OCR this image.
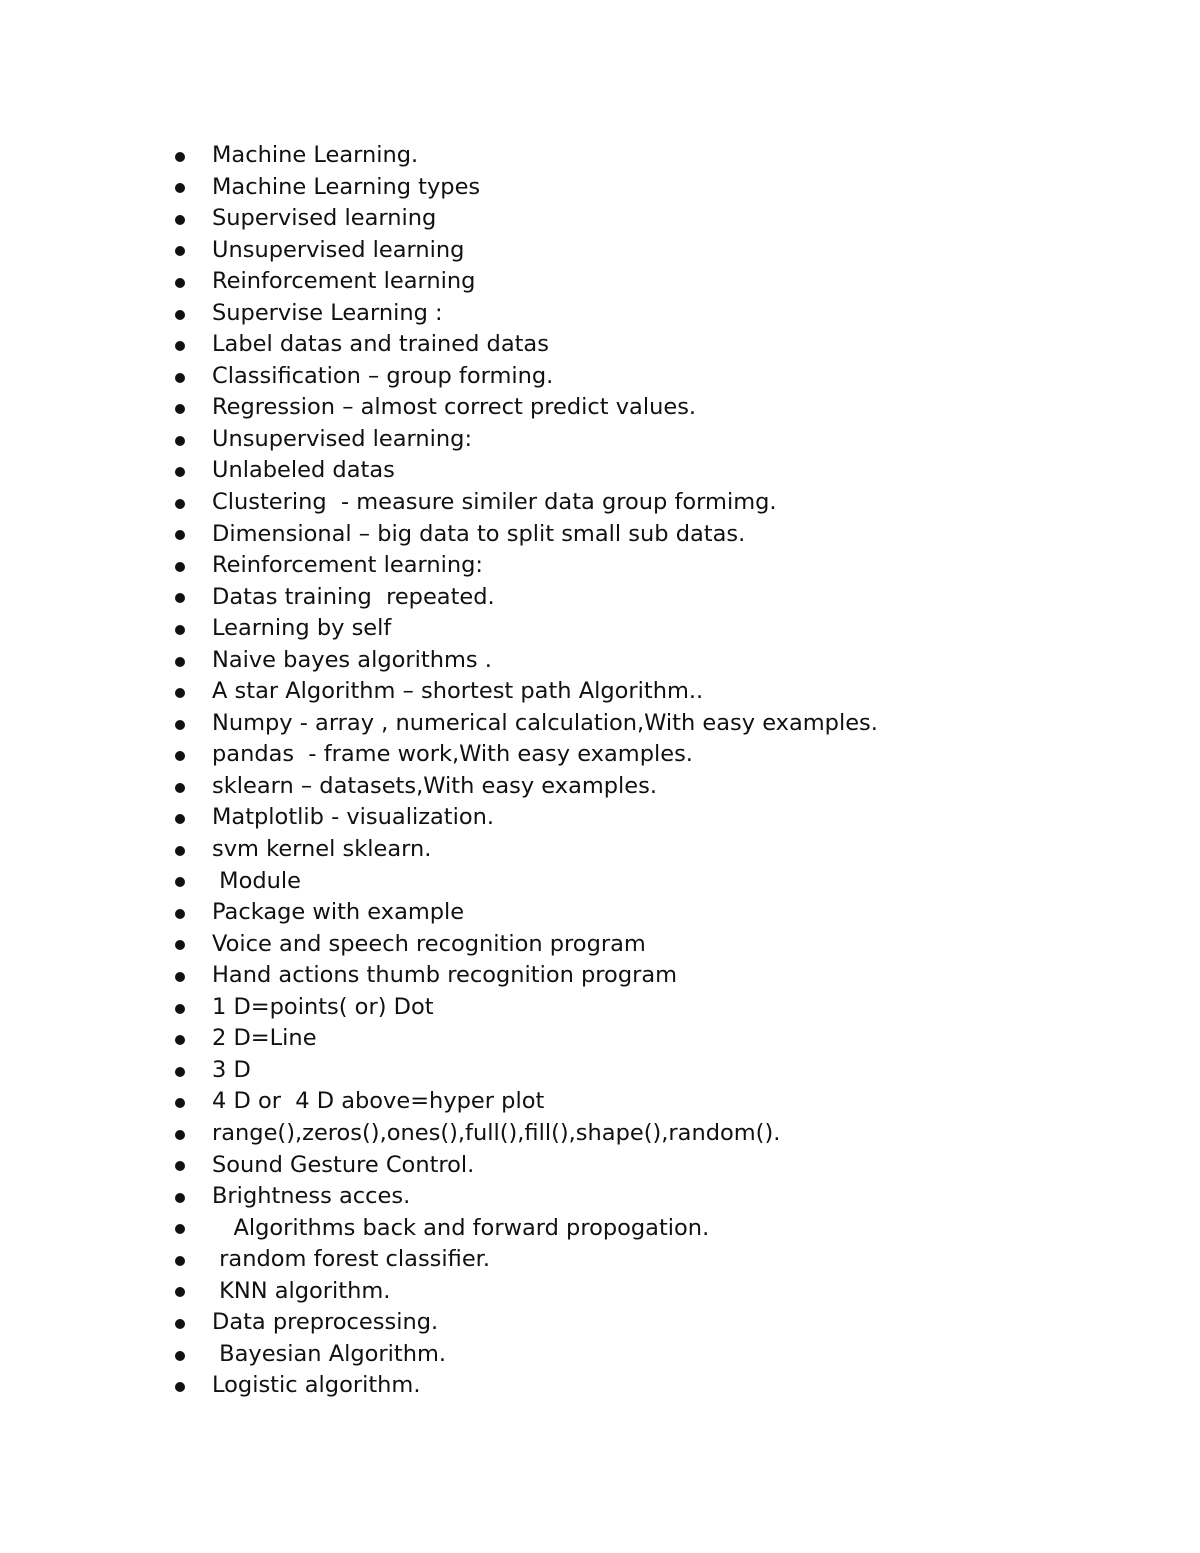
Machine Learning.
Machine Learning types
Supervised learning
Unsupervised learning
Reinforcement learning
Supervise Learning :
Label datas and trained datas
Classification – group forming.
Regression – almost correct predict values.
Unsupervised learning:
Unlabeled datas
Clustering  - measure similer data group formimg.
Dimensional – big data to split small sub datas.
Reinforcement learning:
Datas training  repeated.
Learning by self
Naive bayes algorithms .
A star Algorithm – shortest path Algorithm..
Numpy - array , numerical calculation,With easy examples.
pandas  - frame work,With easy examples.
sklearn – datasets,With easy examples.
Matplotlib - visualization.
svm kernel sklearn.
Module
Package with example
Voice and speech recognition program
Hand actions thumb recognition program
1 D=points( or) Dot
2 D=Line
3 D
4 D or  4 D above=hyper plot
range(),zeros(),ones(),full(),fill(),shape(),random().
Sound Gesture Control.
Brightness acces.
Algorithms back and forward propogation.
random forest classifier.
KNN algorithm.
Data preprocessing.
Bayesian Algorithm.
Logistic algorithm.
